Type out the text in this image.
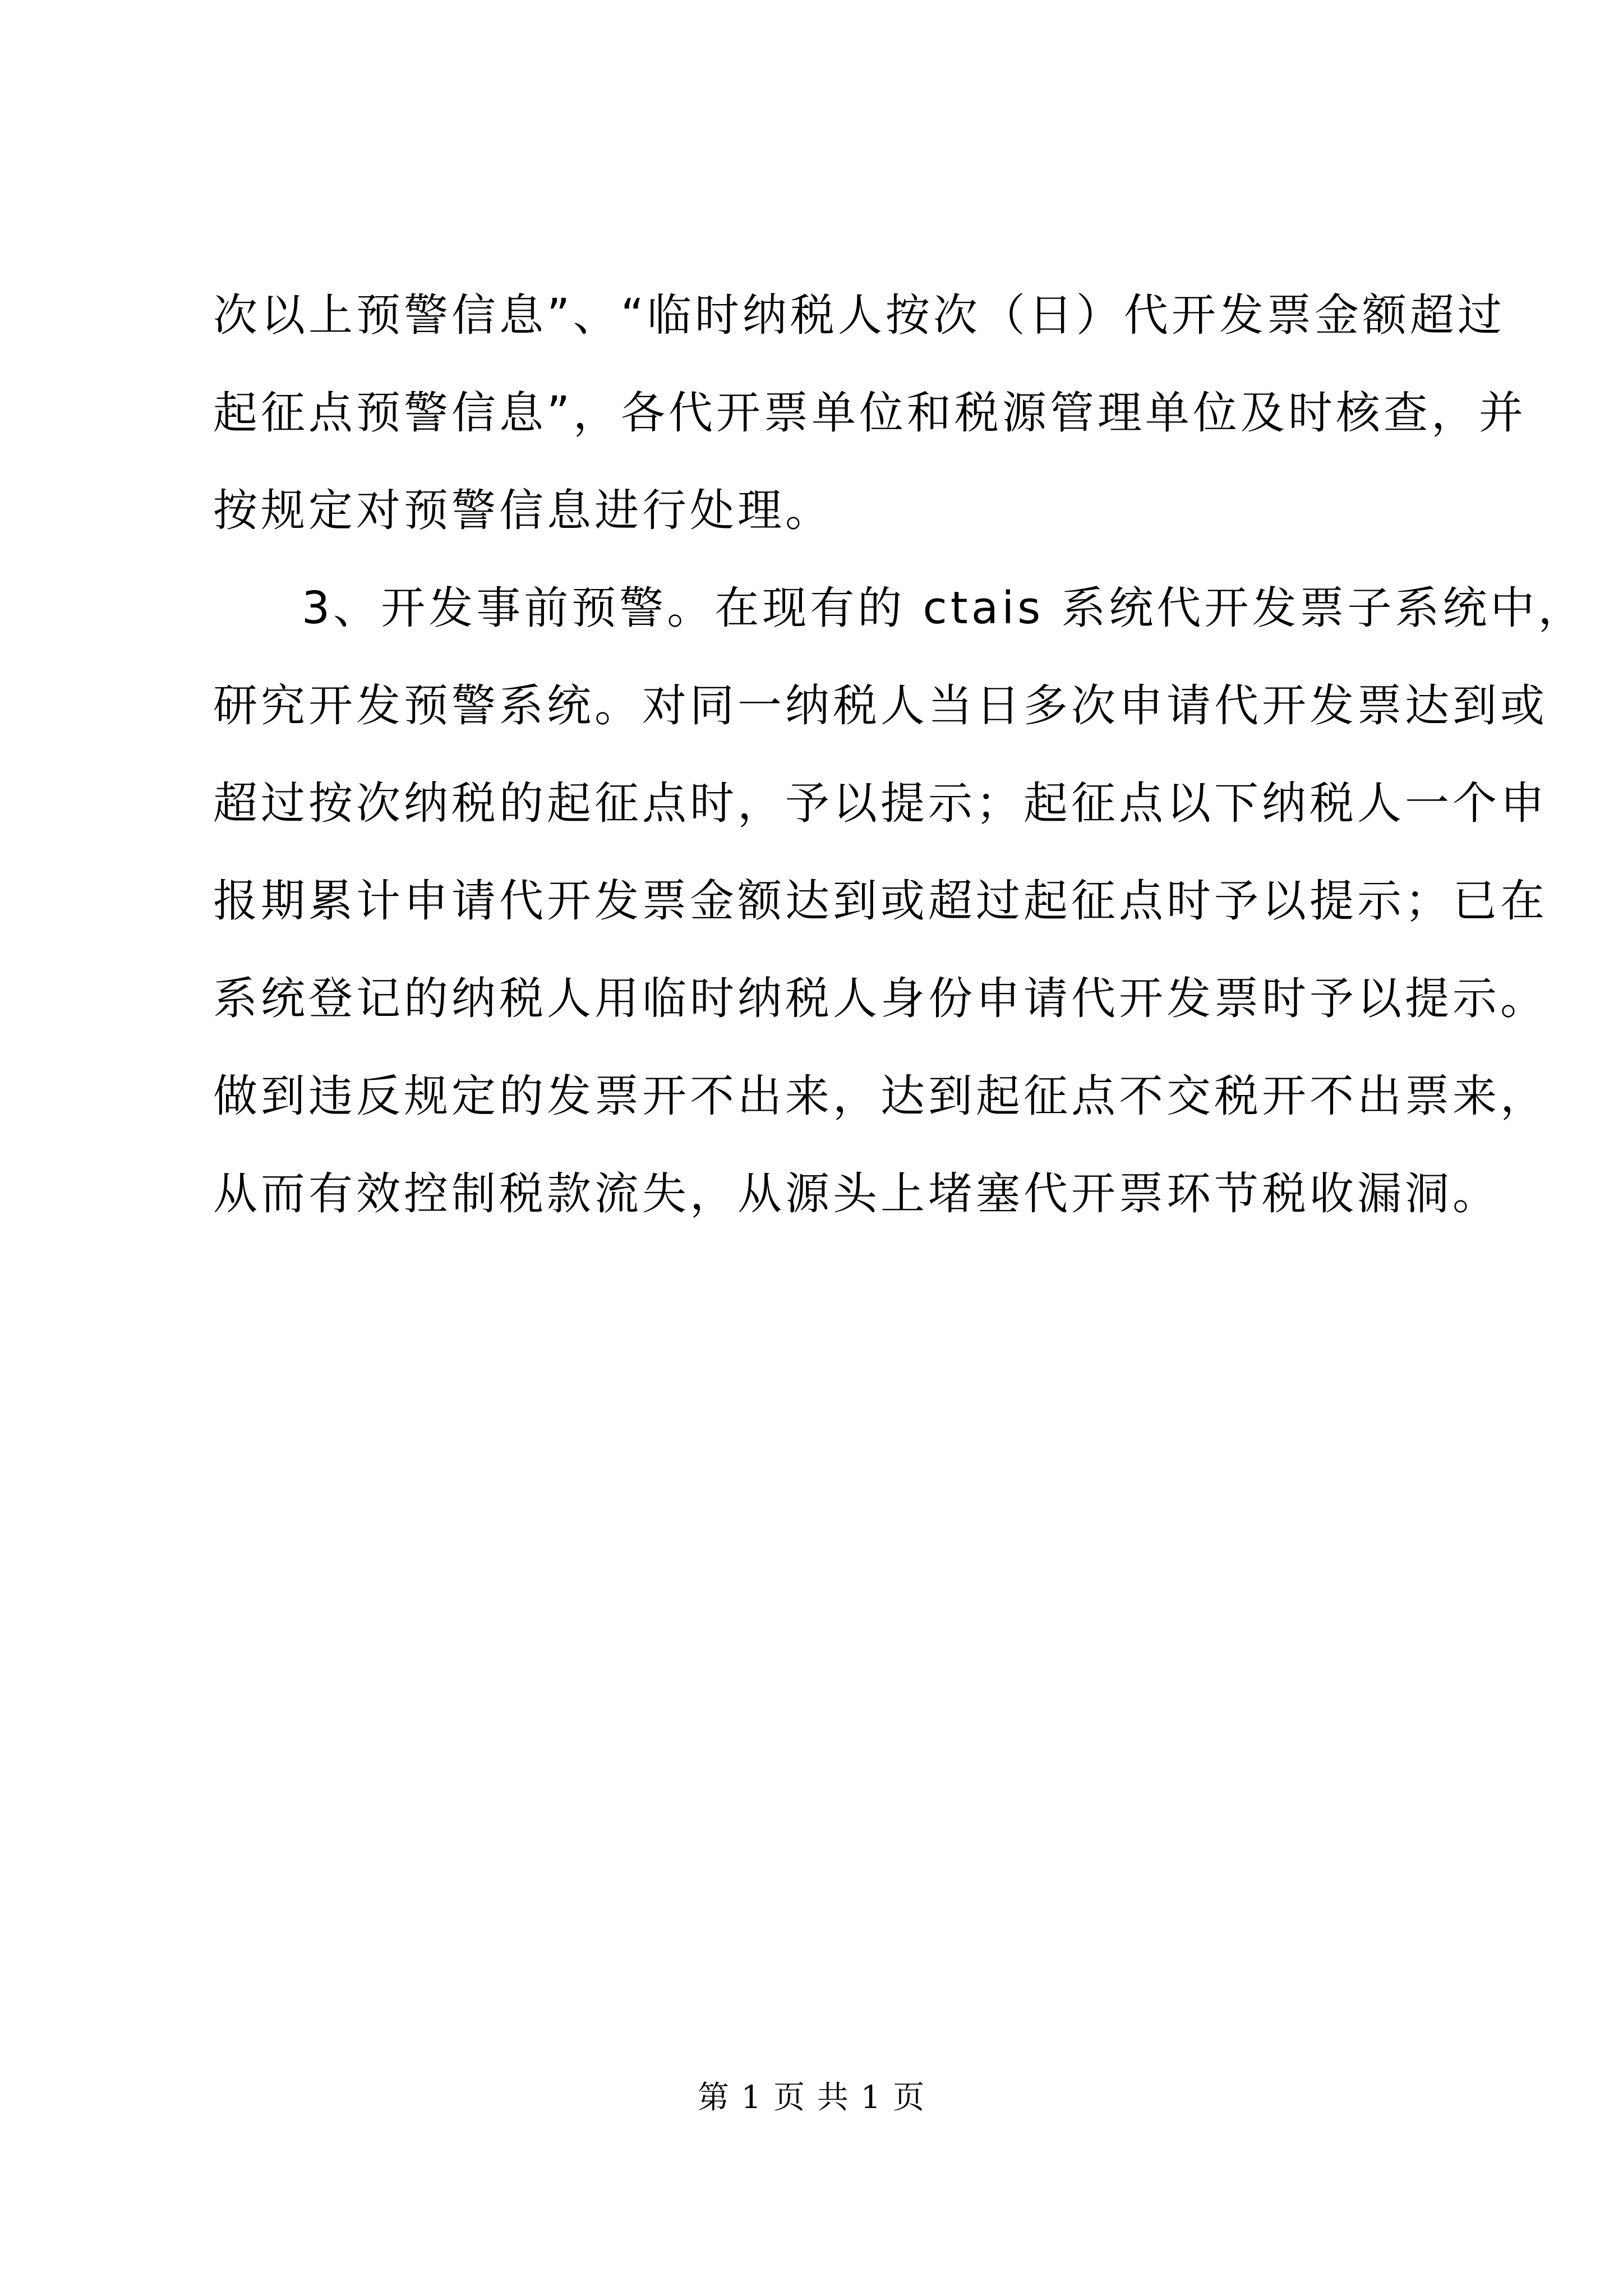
次以上预警信息”、“临时纳税人按次（日）代开发票金额超过
起征点预警信息”，各代开票单位和税源管理单位及时核查，并
按规定对预警信息进行处理。
3、开发事前预警。在现有的 ctais 系统代开发票子系统中，
研究开发预警系统。对同一纳税人当日多次申请代开发票达到或
超过按次纳税的起征点时，予以提示；起征点以下纳税人一个申
报期累计申请代开发票金额达到或超过起征点时予以提示；已在
系统登记的纳税人用临时纳税人身份申请代开发票时予以提示。
做到违反规定的发票开不出来，达到起征点不交税开不出票来，
从而有效控制税款流失，从源头上堵塞代开票环节税收漏洞。
第 1 页 共 1 页
